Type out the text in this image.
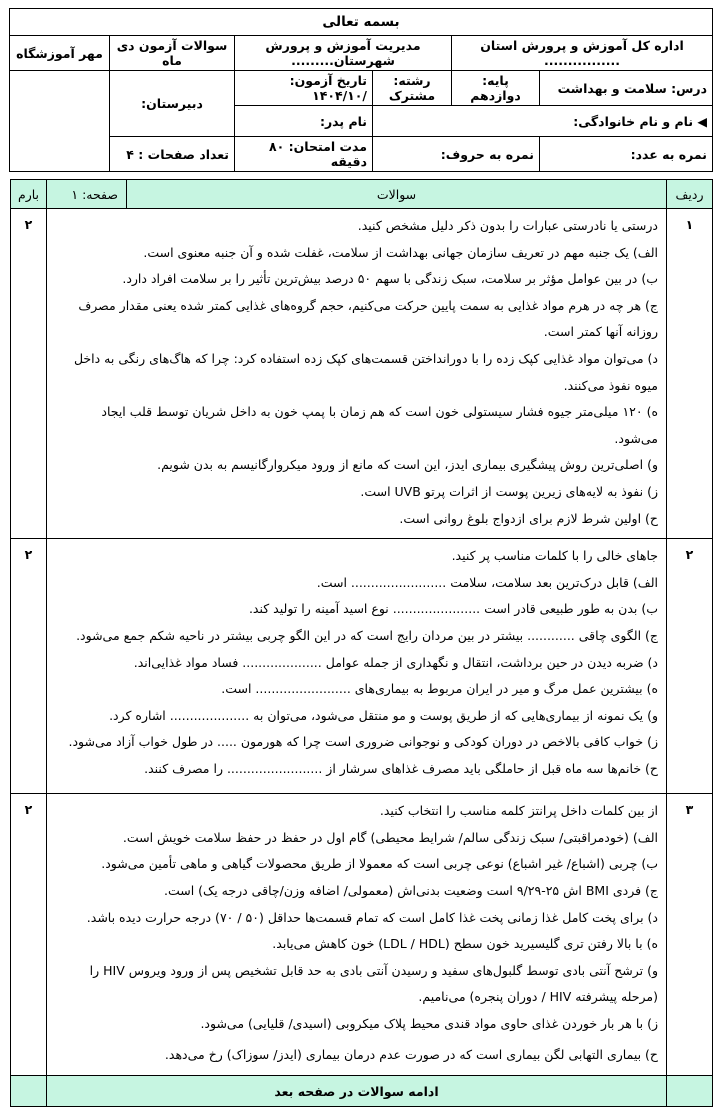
بسمه تعالی					
اداره کل آموزش و پرورش استان ................		مدیریت آموزش و پرورش شهرستان.........		سوالات آزمون دی ماه	مهر آموزشگاه
درس: سلامت و بهداشت	پایه: دوازدهم	رشته: مشترک	تاریخ آزمون: ۱۴۰۴/۱۰/	دبیرستان:	
◀ نام و نام خانوادگی:			نام پدر:		
نمره به عدد:	نمره به حروف:		مدت امتحان: ۸۰ دقیقه	تعداد صفحات : ۴	
ردیف	سوالات	صفحه: ۱	بارم
۱	
درستی یا نادرستی عبارات را بدون ذکر دلیل مشخص کنید.
الف) یک جنبه مهم در تعریف سازمان جهانی بهداشت از سلامت، غفلت شده و آن جنبه معنوی است.
ب) در بین عوامل مؤثر بر سلامت، سبک زندگی با سهم ۵۰ درصد بیش‌ترین تأثیر را بر سلامت افراد دارد.
ج) هر چه در هرم مواد غذایی به سمت پایین حرکت می‌کنیم، حجم گروه‌های غذایی کمتر شده یعنی مقدار مصرف روزانه آنها کمتر است.
د) می‌توان مواد غذایی کپک زده را با دورانداختن قسمت‌های کپک زده استفاده کرد: چرا که هاگ‌های رنگی به داخل میوه نفوذ می‌کنند.
ه) ۱۲۰ میلی‌متر جیوه فشار سیستولی خون است که هم زمان با پمپ خون به داخل شریان توسط قلب ایجاد می‌شود.
و) اصلی‌ترین روش پیشگیری بیماری ایدز، این است که مانع از ورود میکروارگانیسم به بدن شویم.
ز) نفوذ به لایه‌های زیرین پوست از اثرات پرتو UVB است.
ح) اولین شرط لازم برای ازدواج بلوغ روانی است.
	۲
۲	
جاهای خالی را با کلمات مناسب پر کنید.
الف) قابل درک‌ترین بعد سلامت، سلامت ........................ است.
ب) بدن به طور طبیعی قادر است ...................... نوع اسید آمینه را تولید کند.
ج) الگوی چاقی ............ بیشتر در بین مردان رایج است که در این الگو چربی بیشتر در ناحیه شکم جمع می‌شود.
د) ضربه دیدن در حین برداشت، انتقال و نگهداری از جمله عوامل .................... فساد مواد غذایی‌اند.
ه) بیشترین عمل مرگ و میر در ایران مربوط به بیماری‌های ........................ است.
و) یک نمونه از بیماری‌هایی که از طریق پوست و مو منتقل می‌شود، می‌توان به .................... اشاره کرد.
ز) خواب کافی بالاخص در دوران کودکی و نوجوانی ضروری است چرا که هورمون ..... در طول خواب آزاد می‌شود.
ح) خانم‌ها سه ماه قبل از حاملگی باید مصرف غذاهای سرشار از ........................ را مصرف کنند.
	۲
۳	
از بین کلمات داخل پرانتز کلمه مناسب را انتخاب کنید.
الف) (خودمراقبتی/ سبک زندگی سالم/ شرایط محیطی) گام اول در حفظ در حفظ سلامت خویش است.
ب) چربی (اشباع/ غیر اشباع) نوعی چربی است که معمولا از طریق محصولات گیاهی و ماهی تأمین می‌شود.
ج) فردی BMI اش ۲۵-۹/۲۹ است وضعیت بدنی‌اش (معمولی/ اضافه وزن/چاقی درجه یک) است.
د) برای پخت کامل غذا زمانی پخت غذا کامل است که تمام قسمت‌ها حداقل (۵۰ / ۷۰) درجه حرارت دیده باشد.
ه) با بالا رفتن تری گلیسیرید خون سطح (LDL / HDL) خون کاهش می‌یابد.
و) ترشح آنتی بادی توسط گلبول‌های سفید و رسیدن آنتی بادی به حد قابل تشخیص پس از ورود ویروس HIV را (مرحله پیشرفته HIV / دوران پنجره) می‌نامیم.
ز) با هر بار خوردن غذای حاوی مواد قندی محیط پلاک میکروبی (اسیدی/ قلیایی) می‌شود.
ح) بیماری التهابی لگن بیماری است که در صورت عدم درمان بیماری (ایدز/ سوزاک) رخ می‌دهد.
	۲
	ادامه سوالات در صفحه بعد		
